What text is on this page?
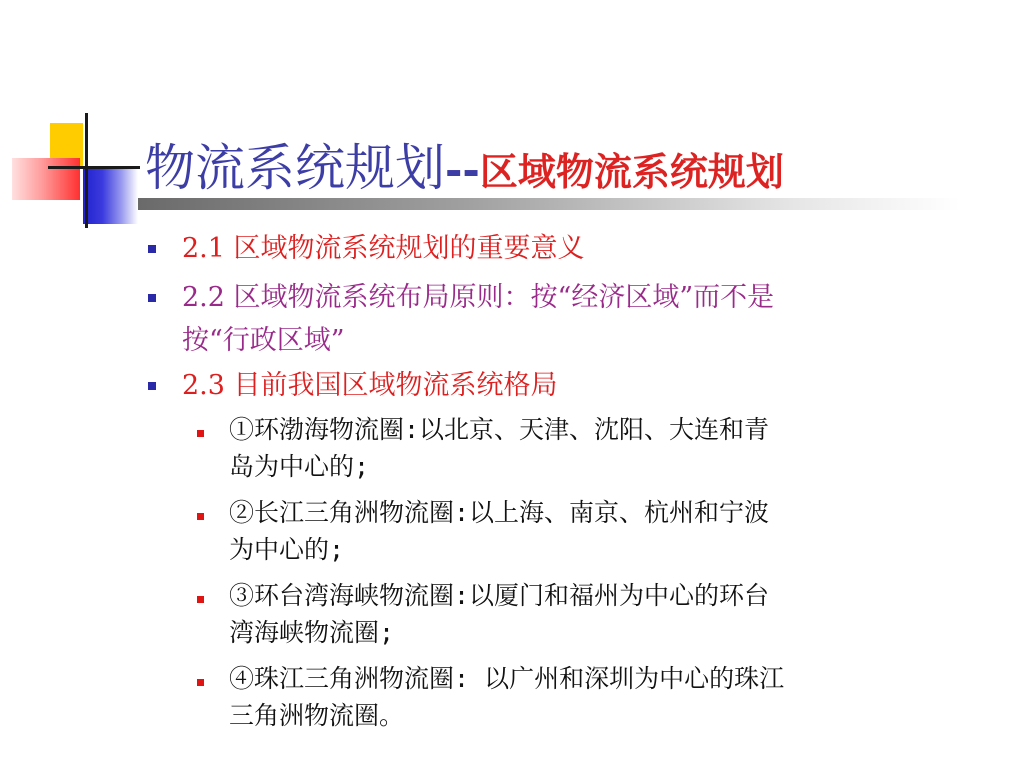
物流系统规划--区域物流系统规划
2.1 区域物流系统规划的重要意义
2.2 区域物流系统布局原则：按“经济区域”而不是
按“行政区域”
2.3 目前我国区域物流系统格局
①环渤海物流圈:以北京、天津、沈阳、大连和青
岛为中心的;
②长江三角洲物流圈:以上海、南京、杭州和宁波
为中心的;
③环台湾海峡物流圈:以厦门和福州为中心的环台
湾海峡物流圈;
④珠江三角洲物流圈: 以广州和深圳为中心的珠江
三角洲物流圈。
